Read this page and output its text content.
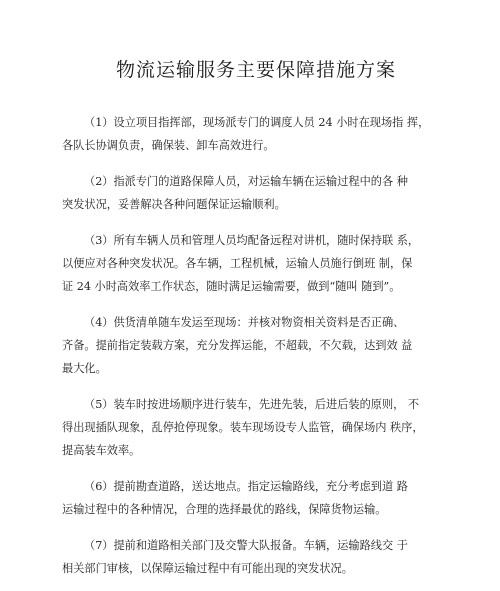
物流运输服务主要保障措施方案

（1）设立项目指挥部，现场派专门的调度人员 24 小时在现场指 挥，
各队长协调负责，确保装、卸车高效进行。

（2）指派专门的道路保障人员，对运输车辆在运输过程中的各 种
突发状况，妥善解决各种问题保证运输顺利。

（3）所有车辆人员和管理人员均配备远程对讲机，随时保持联 系，
以便应对各种突发状况。各车辆，工程机械，运输人员施行倒班 制，保
证 24 小时高效率工作状态，随时满足运输需要，做到“随叫 随到”。

（4）供货清单随车发运至现场：并核对物资相关资料是否正确、
齐备。提前指定装载方案，充分发挥运能，不超载，不欠载，达到效 益
最大化。

（5）装车时按进场顺序进行装车，先进先装，后进后装的原则， 不
得出现插队现象，乱停抢停现象。装车现场设专人监管，确保场内 秩序，
提高装车效率。

（6）提前勘查道路，送达地点。指定运输路线，充分考虑到道 路
运输过程中的各种情况，合理的选择最优的路线，保障货物运输。

（7）提前和道路相关部门及交警大队报备。车辆，运输路线交 于
相关部门审核，以保障运输过程中有可能出现的突发状况。
